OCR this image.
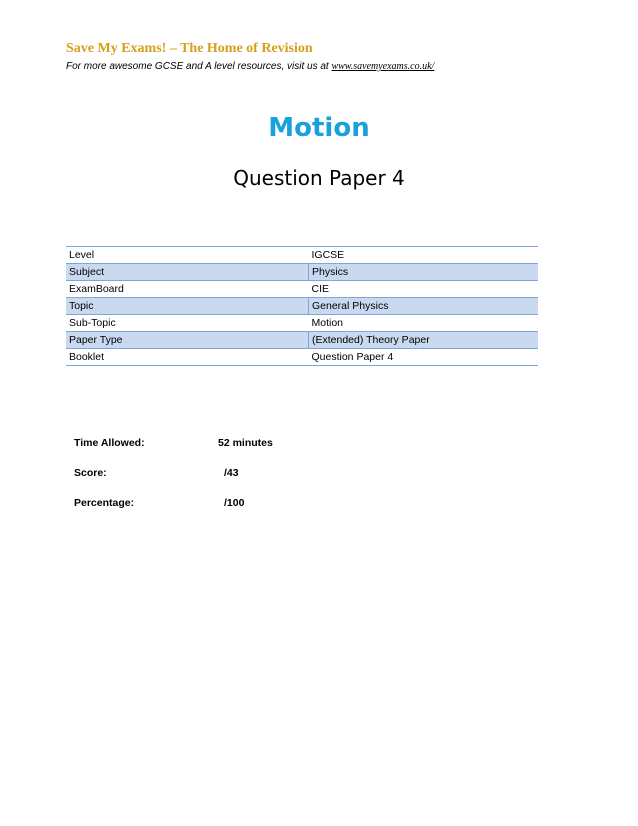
Save My Exams! – The Home of Revision
For more awesome GCSE and A level resources, visit us at www.savemyexams.co.uk/
Motion
Question Paper 4
Level	IGCSE
Subject	Physics
ExamBoard	CIE
Topic	General Physics
Sub-Topic	Motion
Paper Type	(Extended) Theory Paper
Booklet	Question Paper 4
Time Allowed:	52 minutes
Score:	/43
Percentage:	/100
